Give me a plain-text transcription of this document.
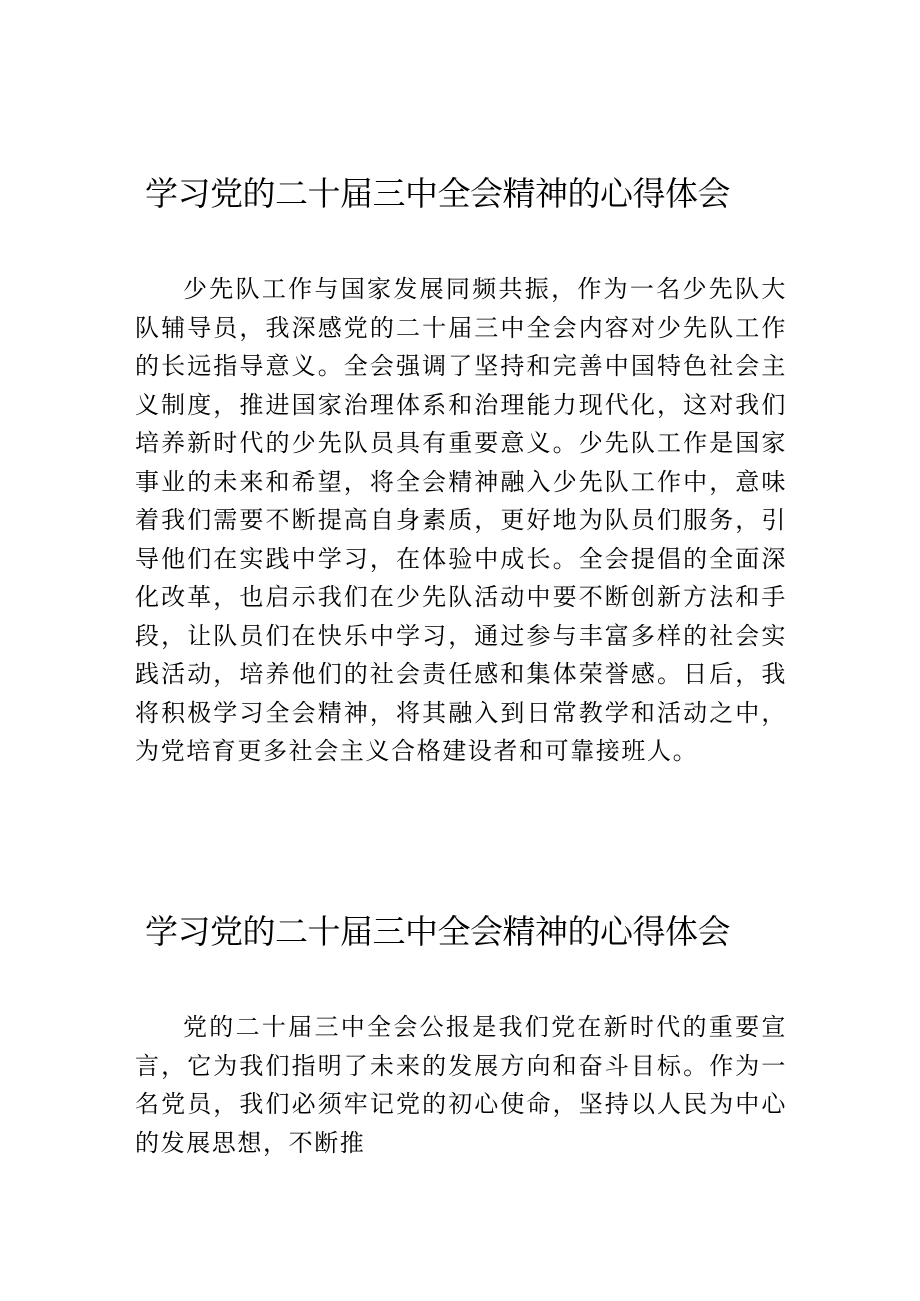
学习党的二十届三中全会精神的心得体会

少先队工作与国家发展同频共振，作为一名少先队大队辅导员，我深感党的二十届三中全会内容对少先队工作的长远指导意义。全会强调了坚持和完善中国特色社会主义制度，推进国家治理体系和治理能力现代化，这对我们培养新时代的少先队员具有重要意义。少先队工作是国家事业的未来和希望，将全会精神融入少先队工作中，意味着我们需要不断提高自身素质，更好地为队员们服务，引导他们在实践中学习，在体验中成长。全会提倡的全面深化改革，也启示我们在少先队活动中要不断创新方法和手段，让队员们在快乐中学习，通过参与丰富多样的社会实践活动，培养他们的社会责任感和集体荣誉感。日后，我将积极学习全会精神，将其融入到日常教学和活动之中，为党培育更多社会主义合格建设者和可靠接班人。

学习党的二十届三中全会精神的心得体会

党的二十届三中全会公报是我们党在新时代的重要宣言，它为我们指明了未来的发展方向和奋斗目标。作为一名党员，我们必须牢记党的初心使命，坚持以人民为中心的发展思想，不断推
